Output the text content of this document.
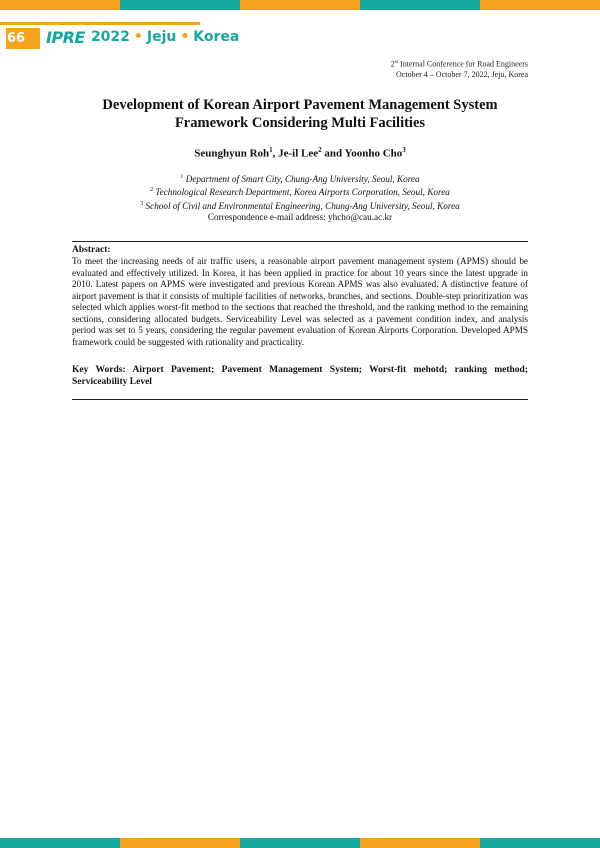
66	IPRE 2022 • Jeju • Korea
2st Internal Conference for Road Engineers
October 4 – October 7, 2022, Jeju, Korea
Development of Korean Airport Pavement Management System
Framework Considering Multi Facilities
Seunghyun Roh$^1$, Je-il Lee$^2$ and Yoonho Cho$^3$
$^1$ Department of Smart City, Chung-Ang University, Seoul, Korea
$^2$ Technological Research Department, Korea Airports Corporation, Seoul, Korea
$^3$ School of Civil and Environmental Engineering, Chung-Ang University, Seoul, Korea
Correspondence e-mail address: yhcho@cau.ac.kr
Abstract:
To meet the increasing needs of air traffic users, a reasonable airport pavement management system (APMS) should be evaluated and effectively utilized. In Korea, it has been applied in practice for about 10 years since the latest upgrade in 2010. Latest papers on APMS were investigated and previous Korean APMS was also evaluated. A distinctive feature of airport pavement is that it consists of multiple facilities of networks, branches, and sections. Double-step prioritization was selected which applies worst-fit method to the sections that reached the threshold, and the ranking method to the remaining sections, considering allocated budgets. Serviceability Level was selected as a pavement condition index, and analysis period was set to 5 years, considering the regular pavement evaluation of Korean Airports Corporation. Developed APMS framework could be suggested with rationality and practicality.
Key Words: Airport Pavement; Pavement Management System; Worst-fit mehotd; ranking method; Serviceability Level
